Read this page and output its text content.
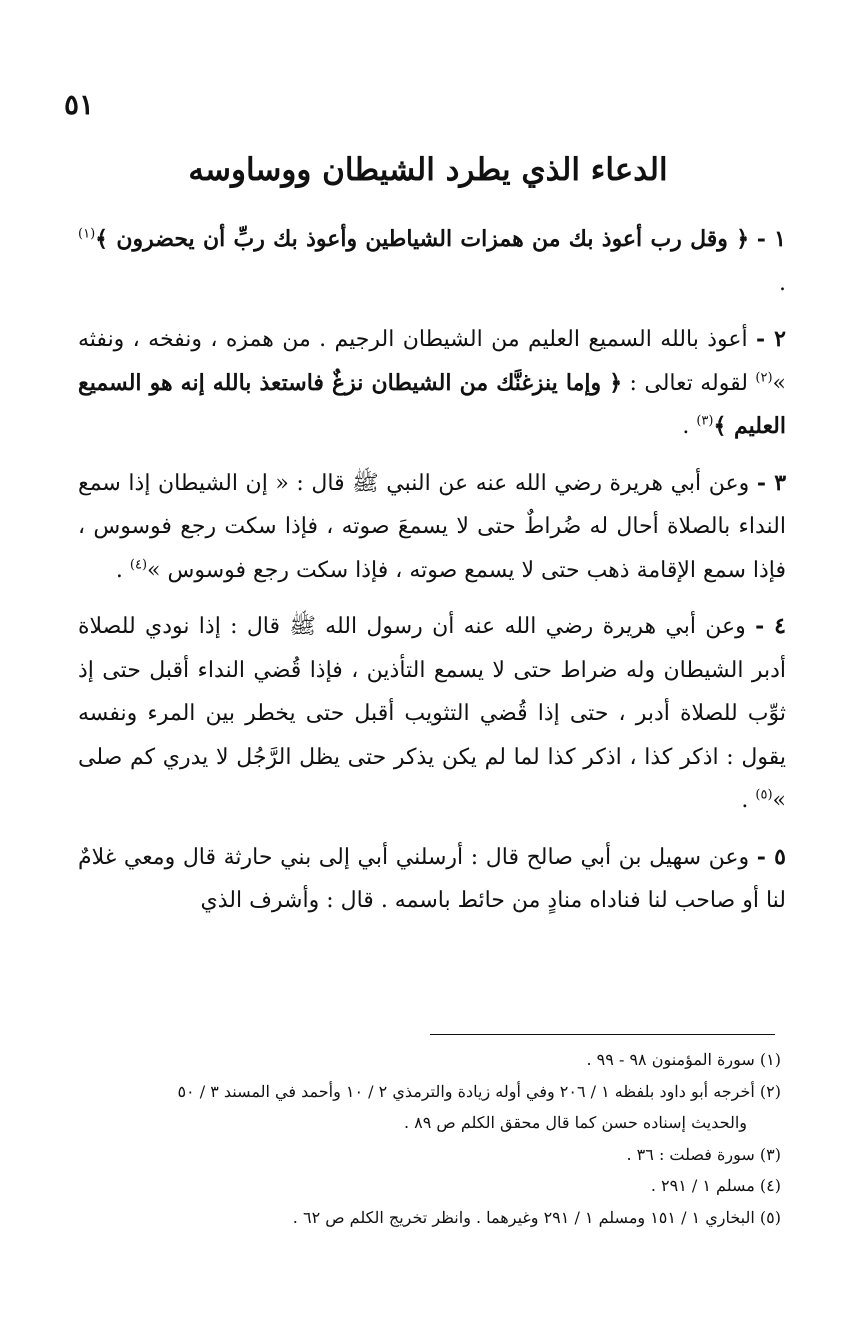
٥١
الدعاء الذي يطرد الشيطان ووساوسه

١ - ﴿ وقل رب أعوذ بك من همزات الشياطين وأعوذ بك ربِّ أن يحضرون ﴾$^{(١)}$ .

٢ - أعوذ بالله السميع العليم من الشيطان الرجيم . من همزه ، ونفخه ، ونفثه »$^{(٢)}$ لقوله تعالى : ﴿ وإما ينزغنَّك من الشيطان نزغٌ فاستعذ بالله إنه هو السميع العليم ﴾$^{(٣)}$ .

٣ - وعن أبي هريرة رضي الله عنه عن النبي ﷺ قال : « إن الشيطان إذا سمع النداء بالصلاة أحال له ضُراطٌ حتى لا يسمعَ صوته ، فإذا سكت رجع فوسوس ، فإذا سمع الإقامة ذهب حتى لا يسمع صوته ، فإذا سكت رجع فوسوس »$^{(٤)}$ .

٤ - وعن أبي هريرة رضي الله عنه أن رسول الله ﷺ قال : إذا نودي للصلاة أدبر الشيطان وله ضراط حتى لا يسمع التأذين ، فإذا قُضي النداء أقبل حتى إذ ثوِّب للصلاة أدبر ، حتى إذا قُضي التثويب أقبل حتى يخطر بين المرء ونفسه يقول : اذكر كذا ، اذكر كذا لما لم يكن يذكر حتى يظل الرَّجُل لا يدري كم صلى »$^{(٥)}$ .

٥ - وعن سهيل بن أبي صالح قال : أرسلني أبي إلى بني حارثة قال ومعي غلامٌ لنا أو صاحب لنا فناداه منادٍ من حائط باسمه . قال : وأشرف الذي

(١) سورة المؤمنون ٩٨ - ٩٩ .

(٢) أخرجه أبو داود بلفظه ١ / ٢٠٦ وفي أوله زيادة والترمذي ٢ / ١٠ وأحمد في المسند ٣ / ٥٠

والحديث إسناده حسن كما قال محقق الكلم ص ٨٩ .

(٣) سورة فصلت : ٣٦ .

(٤) مسلم ١ / ٢٩١ .

(٥) البخاري ١ / ١٥١ ومسلم ١ / ٢٩١ وغيرهما . وانظر تخريج الكلم ص ٦٢ .
